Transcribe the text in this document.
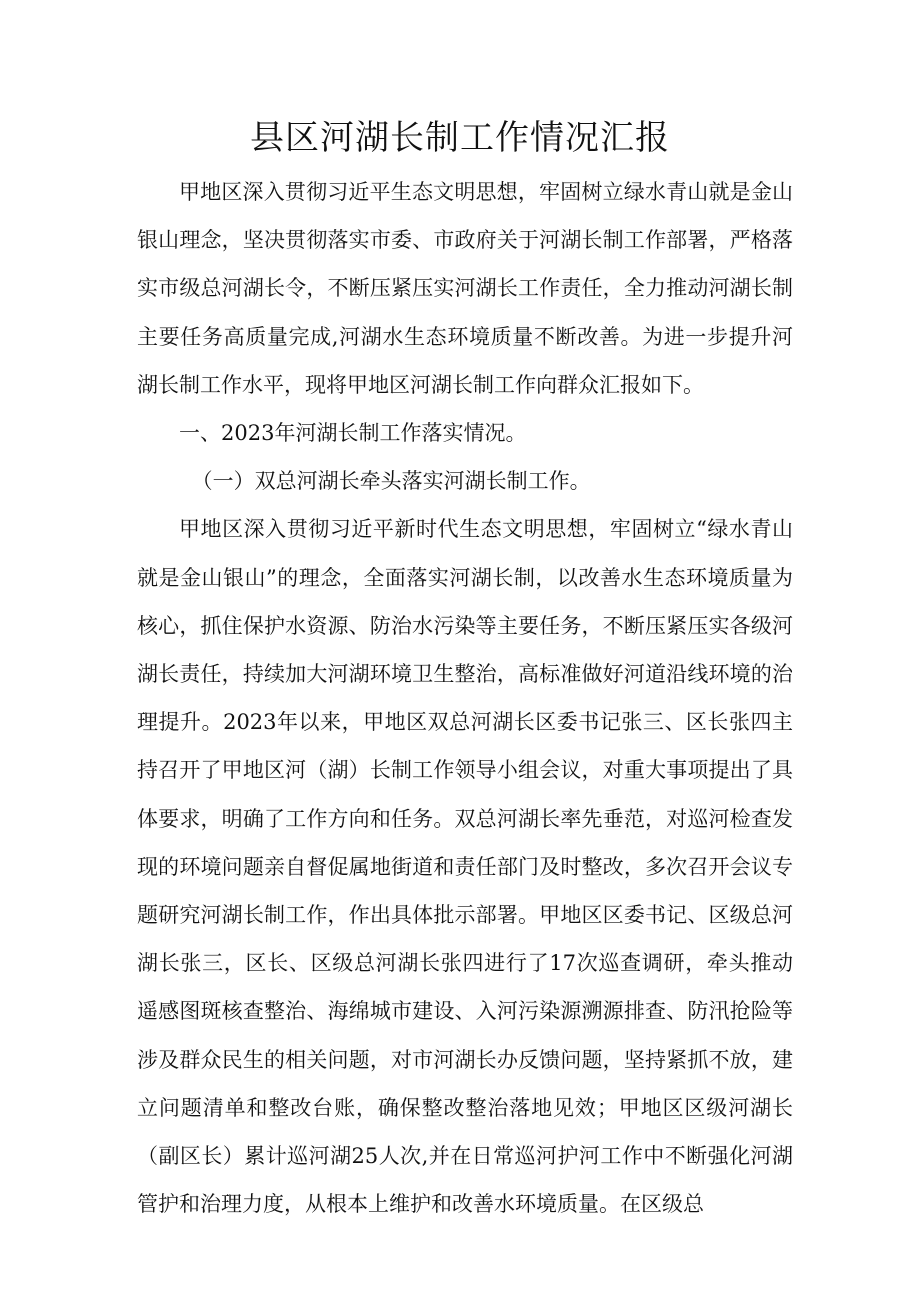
县区河湖长制工作情况汇报

甲地区深入贯彻习近平生态文明思想，牢固树立绿水青山就是金山银山理念，坚决贯彻落实市委、市政府关于河湖长制工作部署，严格落实市级总河湖长令，不断压紧压实河湖长工作责任，全力推动河湖长制主要任务高质量完成,河湖水生态环境质量不断改善。为进一步提升河湖长制工作水平，现将甲地区河湖长制工作向群众汇报如下。

一、2023年河湖长制工作落实情况。

（一）双总河湖长牵头落实河湖长制工作。

甲地区深入贯彻习近平新时代生态文明思想，牢固树立“绿水青山就是金山银山”的理念，全面落实河湖长制，以改善水生态环境质量为核心，抓住保护水资源、防治水污染等主要任务，不断压紧压实各级河湖长责任，持续加大河湖环境卫生整治，高标准做好河道沿线环境的治理提升。2023年以来，甲地区双总河湖长区委书记张三、区长张四主持召开了甲地区河（湖）长制工作领导小组会议，对重大事项提出了具体要求，明确了工作方向和任务。双总河湖长率先垂范，对巡河检查发现的环境问题亲自督促属地街道和责任部门及时整改，多次召开会议专题研究河湖长制工作，作出具体批示部署。甲地区区委书记、区级总河湖长张三，区长、区级总河湖长张四进行了17次巡查调研，牵头推动遥感图斑核查整治、海绵城市建设、入河污染源溯源排查、防汛抢险等涉及群众民生的相关问题，对市河湖长办反馈问题，坚持紧抓不放，建立问题清单和整改台账，确保整改整治落地见效；甲地区区级河湖长（副区长）累计巡河湖25人次,并在日常巡河护河工作中不断强化河湖管护和治理力度，从根本上维护和改善水环境质量。在区级总
